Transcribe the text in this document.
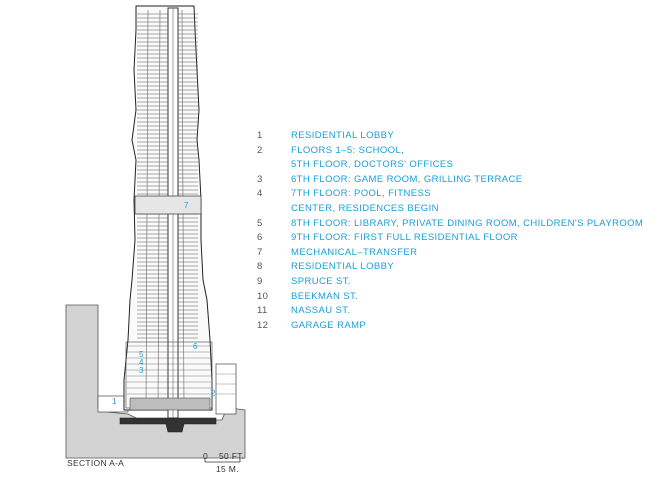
1
2
3
4
5
6
7
1	RESIDENTIAL LOBBY
2	FLOORS 1–5: SCHOOL,
5TH FLOOR, DOCTORS' OFFICES
3	6TH FLOOR: GAME ROOM, GRILLING TERRACE
4	7TH FLOOR: POOL, FITNESS
CENTER, RESIDENCES BEGIN
5	8TH FLOOR: LIBRARY, PRIVATE DINING ROOM, CHILDREN'S PLAYROOM
6	9TH FLOOR: FIRST FULL RESIDENTIAL FLOOR
7	MECHANICAL–TRANSFER
8	RESIDENTIAL LOBBY
9	SPRUCE ST.
10 BEEKMAN ST.
11 NASSAU ST.
12 GARAGE RAMP
SECTION A-A
0 50 FT.
15 M.
